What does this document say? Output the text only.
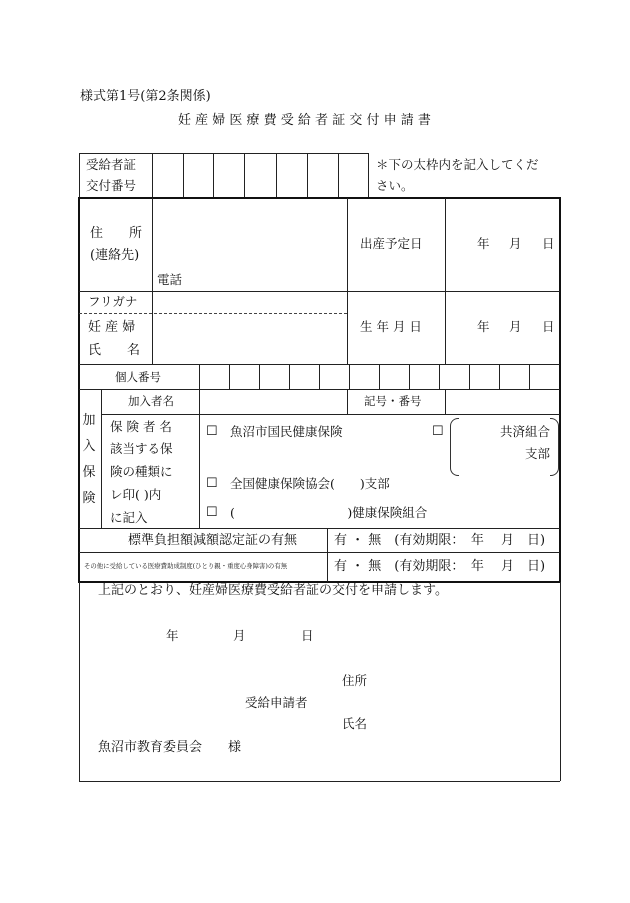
様式第1号(第2条関係)
妊 産 婦 医 療 費 受 給 者 証 交 付 申 請 書
受給者証
交付番号
＊下の太枠内を記入してくだ
さい。
住　　所
(連絡先)
電話
出産予定日	年 月 日
フリガナ
妊 産 婦
氏　　名
生 年 月 日	年 月 日
個人番号
加入保険
加入者名	記号・番号
保 険 者 名
該当する保
険の種類に
レ印( )内
に記入
☐ 魚沼市国民健康保険	☐	共済組合
支部
☐ 全国健康保険協会(　　)支部
☐ (　　　　　　　　　)健康保険組合
標準負担額減額認定証の有無	有 ・ 無　(有効期限：　年　 月　日)
その他に受給している医療費助成制度(ひとり親・重度心身障害)の有無	有 ・ 無　(有効期限：　年　 月　日)
上記のとおり、妊産婦医療費受給者証の交付を申請します。
年	月	日
住所
受給申請者
氏名
魚沼市教育委員会　　様
